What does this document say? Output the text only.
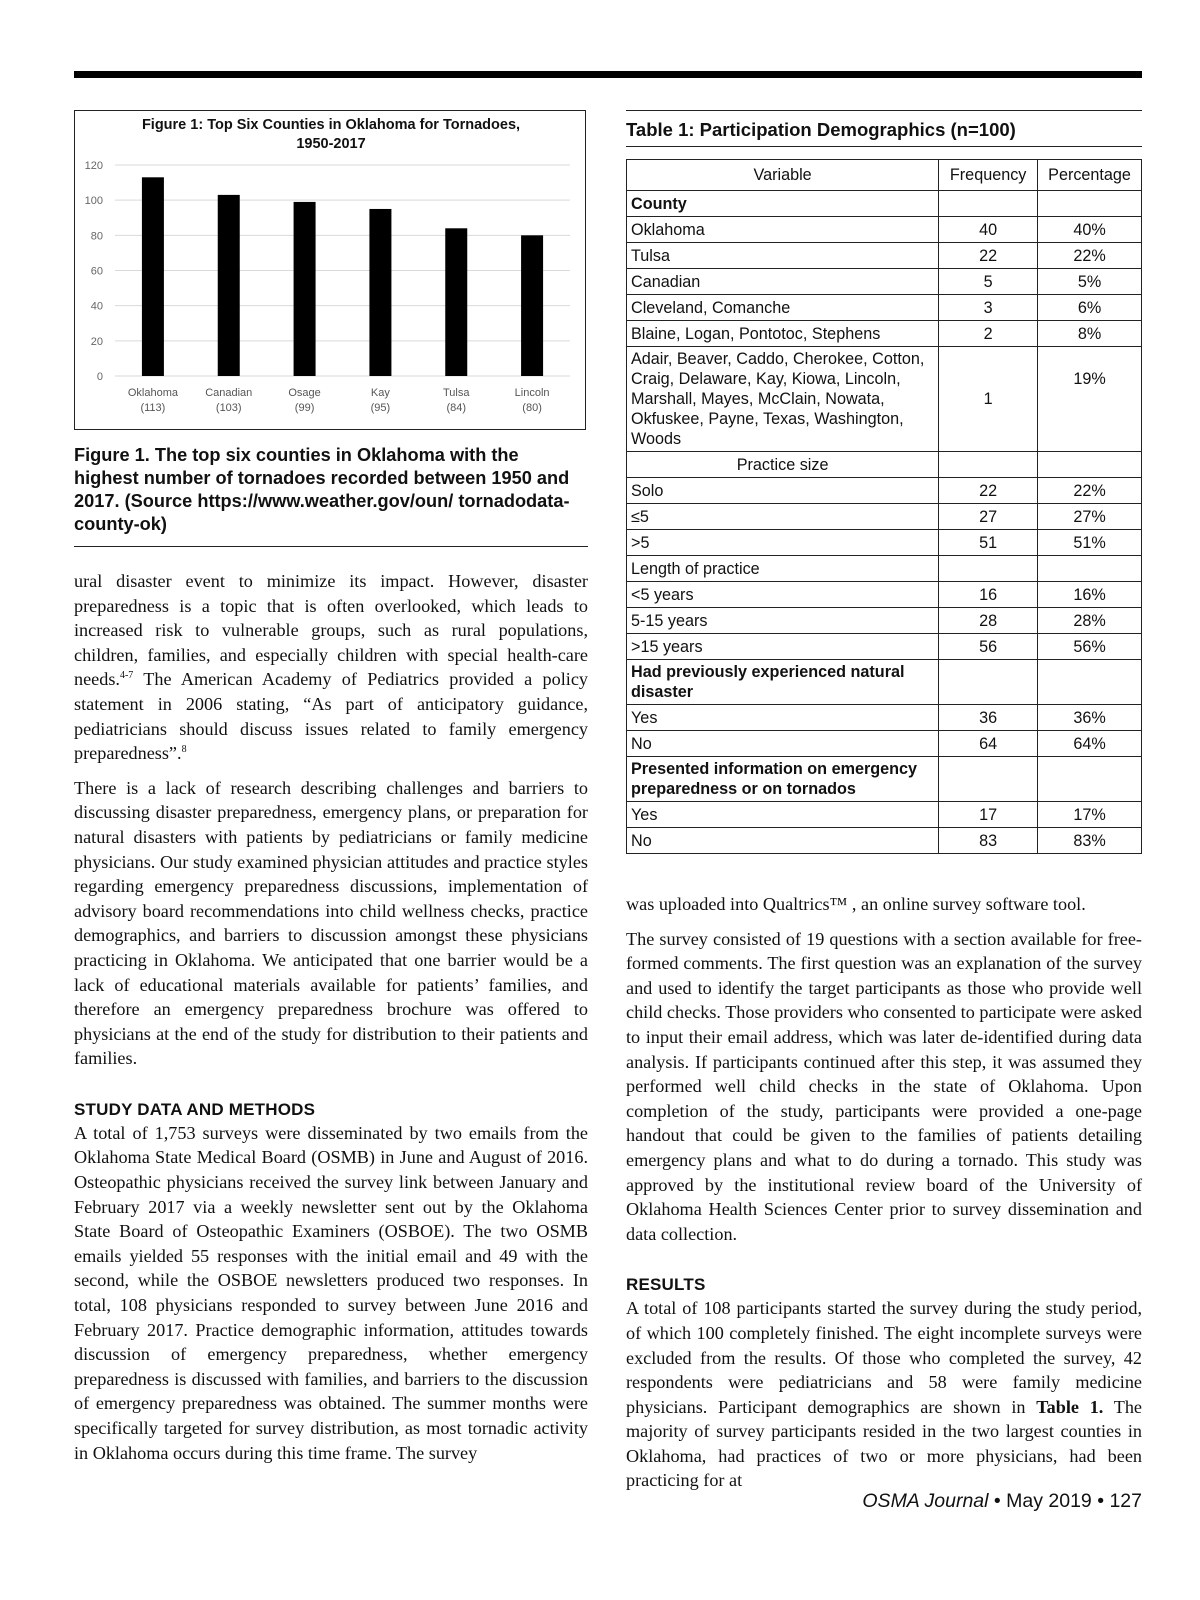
Figure 1: Top Six Counties in Oklahoma for Tornadoes,
1950-2017
0
20
40
60
80
100
120
Oklahoma
(113)
Canadian
(103)
Osage
(99)
Kay
(95)
Tulsa
(84)
Lincoln
(80)
Figure 1. The top six counties in Oklahoma with the highest number of tornadoes recorded between 1950 and 2017. (Source https://www.weather.gov/oun/ tornadodata-county-ok)

ural disaster event to minimize its impact. However, disaster preparedness is a topic that is often overlooked, which leads to increased risk to vulnerable groups, such as rural populations, children, families, and especially children with special health-care needs.$^{4-7}$ The American Academy of Pediatrics provided a policy statement in 2006 stating, “As part of anticipatory guidance, pediatricians should discuss issues related to family emergency preparedness”.$^8$

There is a lack of research describing challenges and barriers to discussing disaster preparedness, emergency plans, or preparation for natural disasters with patients by pediatricians or family medicine physicians. Our study examined physician attitudes and practice styles regarding emergency preparedness discussions, implementation of advisory board recommendations into child wellness checks, practice demographics, and barriers to discussion amongst these physicians practicing in Oklahoma. We anticipated that one barrier would be a lack of educational materials available for patients’ families, and therefore an emergency preparedness brochure was offered to physicians at the end of the study for distribution to their patients and families.

STUDY DATA AND METHODS

A total of 1,753 surveys were disseminated by two emails from the Oklahoma State Medical Board (OSMB) in June and August of 2016. Osteopathic physicians received the survey link between January and February 2017 via a weekly newsletter sent out by the Oklahoma State Board of Osteopathic Examiners (OSBOE). The two OSMB emails yielded 55 responses with the initial email and 49 with the second, while the OSBOE newsletters produced two responses. In total, 108 physicians responded to survey between June 2016 and February 2017. Practice demographic information, attitudes towards discussion of emergency preparedness, whether emergency preparedness is discussed with families, and barriers to the discussion of emergency preparedness was obtained. The summer months were specifically targeted for survey distribution, as most tornadic activity in Oklahoma occurs during this time frame. The survey

Table 1: Participation Demographics (n=100)
Variable	Frequency	Percentage
County		
Oklahoma	40	40%
Tulsa	22	22%
Canadian	5	5%
Cleveland, Comanche	3	6%
Blaine, Logan, Pontotoc, Stephens	2	8%

Adair, Beaver, Caddo, Cherokee, Cotton,
Craig, Delaware, Kay, Kiowa, Lincoln,
Marshall, Mayes, McClain, Nowata,
Okfuskee, Payne, Texas, Washington,
Woods	1	19%
Practice size		
Solo	22	22%
≤5	27	27%
>5	51	51%
Length of practice		
<5 years	16	16%
5-15 years	28	28%
>15 years	56	56%
Had previously experienced natural disaster		
Yes	36	36%
No	64	64%
Presented information on emergency preparedness or on tornados		
Yes	17	17%
No	83	83%

was uploaded into Qualtrics™ , an online survey software tool.

The survey consisted of 19 questions with a section available for free-formed comments. The first question was an explanation of the survey and used to identify the target participants as those who provide well child checks. Those providers who consented to participate were asked to input their email address, which was later de-identified during data analysis. If participants continued after this step, it was assumed they performed well child checks in the state of Oklahoma. Upon completion of the study, participants were provided a one-page handout that could be given to the families of patients detailing emergency plans and what to do during a tornado. This study was approved by the institutional review board of the University of Oklahoma Health Sciences Center prior to survey dissemination and data collection.

RESULTS

A total of 108 participants started the survey during the study period, of which 100 completely finished. The eight incomplete surveys were excluded from the results. Of those who completed the survey, 42 respondents were pediatricians and 58 were family medicine physicians. Participant demographics are shown in Table 1. The majority of survey participants resided in the two largest counties in Oklahoma, had practices of two or more physicians, had been practicing for at

OSMA Journal • May 2019 • 127
